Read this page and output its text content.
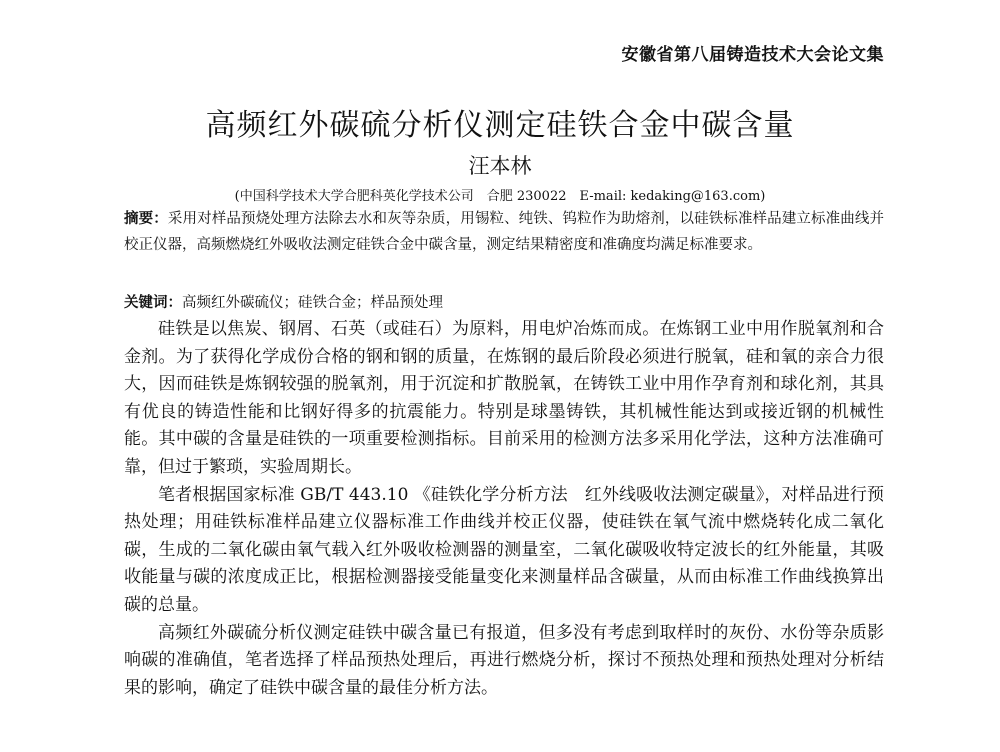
安徽省第八届铸造技术大会论文集
高频红外碳硫分析仪测定硅铁合金中碳含量
汪本林
(中国科学技术大学合肥科英化学技术公司　合肥 230022　E-mail: kedaking@163.com)
摘要：采用对样品预烧处理方法除去水和灰等杂质，用锡粒、纯铁、钨粒作为助熔剂，以硅铁标准样品建立标准曲线并校正仪器，高频燃烧红外吸收法测定硅铁合金中碳含量，测定结果精密度和准确度均满足标准要求。
关键词：高频红外碳硫仪；硅铁合金；样品预处理

硅铁是以焦炭、钢屑、石英（或硅石）为原料，用电炉冶炼而成。在炼钢工业中用作脱氧剂和合金剂。为了获得化学成份合格的钢和钢的质量，在炼钢的最后阶段必须进行脱氧，硅和氧的亲合力很大，因而硅铁是炼钢较强的脱氧剂，用于沉淀和扩散脱氧，在铸铁工业中用作孕育剂和球化剂，其具有优良的铸造性能和比钢好得多的抗震能力。特别是球墨铸铁，其机械性能达到或接近钢的机械性能。其中碳的含量是硅铁的一项重要检测指标。目前采用的检测方法多采用化学法，这种方法准确可靠，但过于繁琐，实验周期长。

笔者根据国家标准 GB/T 443.10 《硅铁化学分析方法　红外线吸收法测定碳量》，对样品进行预热处理；用硅铁标准样品建立仪器标准工作曲线并校正仪器，使硅铁在氧气流中燃烧转化成二氧化碳，生成的二氧化碳由氧气载入红外吸收检测器的测量室，二氧化碳吸收特定波长的红外能量，其吸收能量与碳的浓度成正比，根据检测器接受能量变化来测量样品含碳量，从而由标准工作曲线换算出碳的总量。

高频红外碳硫分析仪测定硅铁中碳含量已有报道，但多没有考虑到取样时的灰份、水份等杂质影响碳的准确值，笔者选择了样品预热处理后，再进行燃烧分析，探讨不预热处理和预热处理对分析结果的影响，确定了硅铁中碳含量的最佳分析方法。
